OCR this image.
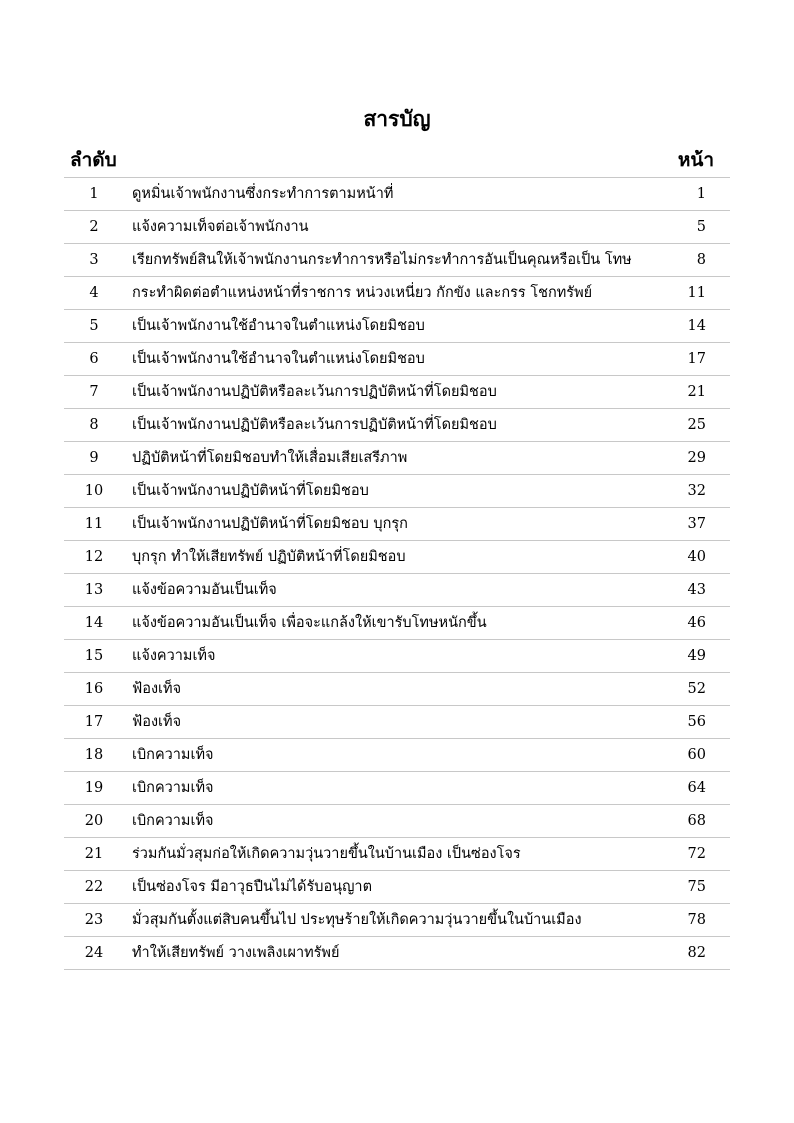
สารบัญ
ลำดับ	หน้า
1	ดูหมิ่นเจ้าพนักงานซึ่งกระทำการตามหน้าที่	1
2	แจ้งความเท็จต่อเจ้าพนักงาน	5
3	เรียกทรัพย์สินให้เจ้าพนักงานกระทำการหรือไม่กระทำการอันเป็นคุณหรือเป็น โทษ	8
4	กระทำผิดต่อตำแหน่งหน้าที่ราชการ หน่วงเหนี่ยว กักขัง และกรร โชกทรัพย์	11
5	เป็นเจ้าพนักงานใช้อำนาจในตำแหน่งโดยมิชอบ	14
6	เป็นเจ้าพนักงานใช้อำนาจในตำแหน่งโดยมิชอบ	17
7	เป็นเจ้าพนักงานปฏิบัติหรือละเว้นการปฏิบัติหน้าที่โดยมิชอบ	21
8	เป็นเจ้าพนักงานปฏิบัติหรือละเว้นการปฏิบัติหน้าที่โดยมิชอบ	25
9	ปฏิบัติหน้าที่โดยมิชอบทำให้เสื่อมเสียเสรีภาพ	29
10	เป็นเจ้าพนักงานปฏิบัติหน้าที่โดยมิชอบ	32
11	เป็นเจ้าพนักงานปฏิบัติหน้าที่โดยมิชอบ บุกรุก	37
12	บุกรุก ทำให้เสียทรัพย์ ปฏิบัติหน้าที่โดยมิชอบ	40
13	แจ้งข้อความอันเป็นเท็จ	43
14	แจ้งข้อความอันเป็นเท็จ เพื่อจะแกล้งให้เขารับโทษหนักขึ้น	46
15	แจ้งความเท็จ	49
16	ฟ้องเท็จ	52
17	ฟ้องเท็จ	56
18	เบิกความเท็จ	60
19	เบิกความเท็จ	64
20	เบิกความเท็จ	68
21	ร่วมกันมั่วสุมก่อให้เกิดความวุ่นวายขึ้นในบ้านเมือง เป็นซ่องโจร	72
22	เป็นซ่องโจร มีอาวุธปืนไม่ได้รับอนุญาต	75
23	มั่วสุมกันตั้งแต่สิบคนขึ้นไป ประทุษร้ายให้เกิดความวุ่นวายขึ้นในบ้านเมือง	78
24	ทำให้เสียทรัพย์ วางเพลิงเผาทรัพย์	82
